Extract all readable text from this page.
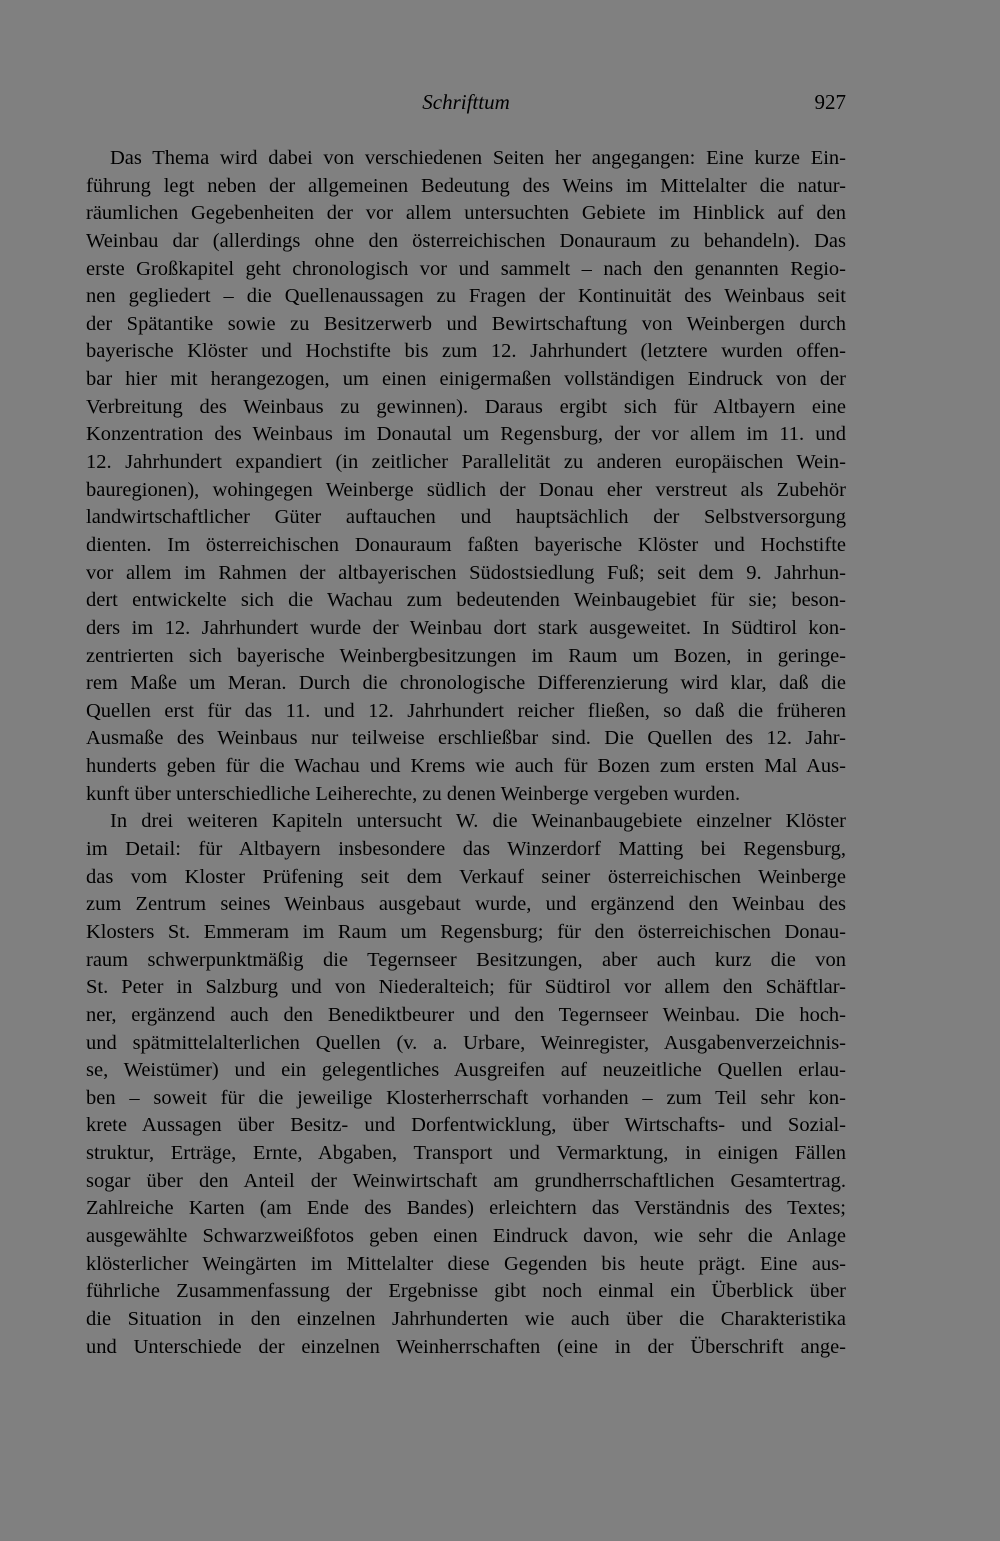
Schrifttum	927
Das Thema wird dabei von verschiedenen Seiten her angegangen: Eine kurze Ein-
führung legt neben der allgemeinen Bedeutung des Weins im Mittelalter die natur-
räumlichen Gegebenheiten der vor allem untersuchten Gebiete im Hinblick auf den
Weinbau dar (allerdings ohne den österreichischen Donauraum zu behandeln). Das
erste Großkapitel geht chronologisch vor und sammelt – nach den genannten Regio-
nen gegliedert – die Quellenaussagen zu Fragen der Kontinuität des Weinbaus seit
der Spätantike sowie zu Besitzerwerb und Bewirtschaftung von Weinbergen durch
bayerische Klöster und Hochstifte bis zum 12. Jahrhundert (letztere wurden offen-
bar hier mit herangezogen, um einen einigermaßen vollständigen Eindruck von der
Verbreitung des Weinbaus zu gewinnen). Daraus ergibt sich für Altbayern eine
Konzentration des Weinbaus im Donautal um Regensburg, der vor allem im 11. und
12. Jahrhundert expandiert (in zeitlicher Parallelität zu anderen europäischen Wein-
bauregionen), wohingegen Weinberge südlich der Donau eher verstreut als Zubehör
landwirtschaftlicher Güter auftauchen und hauptsächlich der Selbstversorgung
dienten. Im österreichischen Donauraum faßten bayerische Klöster und Hochstifte
vor allem im Rahmen der altbayerischen Südostsiedlung Fuß; seit dem 9. Jahrhun-
dert entwickelte sich die Wachau zum bedeutenden Weinbaugebiet für sie; beson-
ders im 12. Jahrhundert wurde der Weinbau dort stark ausgeweitet. In Südtirol kon-
zentrierten sich bayerische Weinbergbesitzungen im Raum um Bozen, in geringe-
rem Maße um Meran. Durch die chronologische Differenzierung wird klar, daß die
Quellen erst für das 11. und 12. Jahrhundert reicher fließen, so daß die früheren
Ausmaße des Weinbaus nur teilweise erschließbar sind. Die Quellen des 12. Jahr-
hunderts geben für die Wachau und Krems wie auch für Bozen zum ersten Mal Aus-
kunft über unterschiedliche Leiherechte, zu denen Weinberge vergeben wurden.
In drei weiteren Kapiteln untersucht W. die Weinanbaugebiete einzelner Klöster
im Detail: für Altbayern insbesondere das Winzerdorf Matting bei Regensburg,
das vom Kloster Prüfening seit dem Verkauf seiner österreichischen Weinberge
zum Zentrum seines Weinbaus ausgebaut wurde, und ergänzend den Weinbau des
Klosters St. Emmeram im Raum um Regensburg; für den österreichischen Donau-
raum schwerpunktmäßig die Tegernseer Besitzungen, aber auch kurz die von
St. Peter in Salzburg und von Niederalteich; für Südtirol vor allem den Schäftlar-
ner, ergänzend auch den Benediktbeurer und den Tegernseer Weinbau. Die hoch-
und spätmittelalterlichen Quellen (v. a. Urbare, Weinregister, Ausgabenverzeichnis-
se, Weistümer) und ein gelegentliches Ausgreifen auf neuzeitliche Quellen erlau-
ben – soweit für die jeweilige Klosterherrschaft vorhanden – zum Teil sehr kon-
krete Aussagen über Besitz- und Dorfentwicklung, über Wirtschafts- und Sozial-
struktur, Erträge, Ernte, Abgaben, Transport und Vermarktung, in einigen Fällen
sogar über den Anteil der Weinwirtschaft am grundherrschaftlichen Gesamtertrag.
Zahlreiche Karten (am Ende des Bandes) erleichtern das Verständnis des Textes;
ausgewählte Schwarzweißfotos geben einen Eindruck davon, wie sehr die Anlage
klösterlicher Weingärten im Mittelalter diese Gegenden bis heute prägt. Eine aus-
führliche Zusammenfassung der Ergebnisse gibt noch einmal ein Überblick über
die Situation in den einzelnen Jahrhunderten wie auch über die Charakteristika
und Unterschiede der einzelnen Weinherrschaften (eine in der Überschrift ange-
